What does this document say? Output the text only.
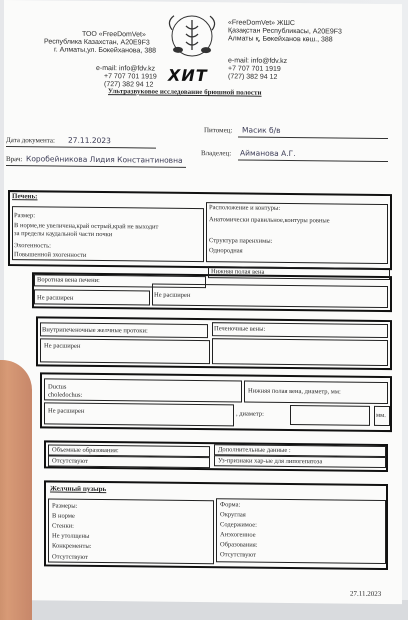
ТОО «FreeDomVet»
Республика Казахстан, A20E9F3
г. Алматы,ул. Бокейханова, 388
e-mail: info@fdv.kz
+7 707 701 1919
(727) 382 94 12 ХИТ
«FreeDomVet» ЖШС
Қазақстан Республикасы, A20E9F3
Алматы қ, Бөкейханов көш., 388
e-mail: info@fdv.kz
+7 707 701 1919
(727) 382 94 12
Ультразвуковое исследование брюшной полости
Питомец: Масик б/в
Дата документа: 27.11.2023
Врач: Коробейникова Лидия Константиновна
Владелец: Айманова А.Г.
Печень:
Размер:
В норме,не увеличена,край острый,край не выходит
за пределы каудальной части почки
Эхогенность:
Повышенной эхогенности
Расположение и контуры:
Анатомически правильное,контуры ровные
Структура паренхимы:
Однородная
Воротная вена печени:
Не расширен
Нижняя полая вена
Не расширен
Внутрипеченочные желчные протоки:
Не расширен
Печеночные вены:
Ductus
choledochus:
Не расширен
Нижняя полая вена, диаметр, мм:
, диаметр:	мм.
Объемные образования:
Отсутствуют
Дополнительные данные :
Уз-признаки хар-ые для липогепатоза
Желчный пузырь
Размеры:
В норме
Стенки:
Не утолщены
Конкременты:
Отсутствуют
Форма:
Округлая
Содержимое:
Анэхогенное
Образования:
Отсутствуют
27.11.2023
